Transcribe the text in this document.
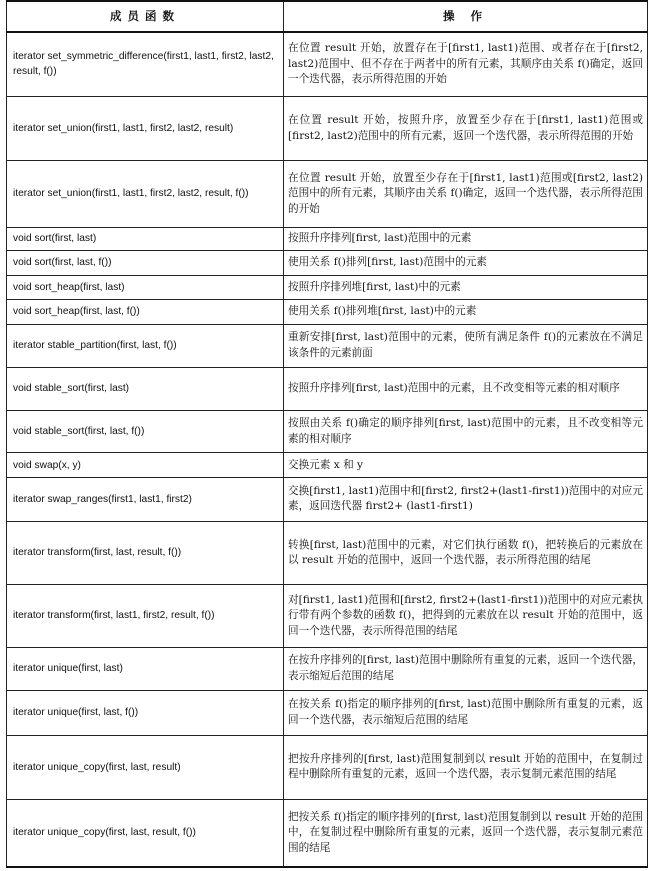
成员函数	操 作
iterator set_symmetric_difference(first1, last1, first2, last2, result, f())	在位置 result 开始，放置存在于[first1, last1)范围、或者存在于[first2, last2)范围中、但不存在于两者中的所有元素，其顺序由关系 f()确定，返回一个迭代器，表示所得范围的开始
iterator set_union(first1, last1, first2, last2, result)	在位置 result 开始，按照升序，放置至少存在于[first1, last1)范围或 [first2, last2)范围中的所有元素，返回一个迭代器，表示所得范围的开始
iterator set_union(first1, last1, first2, last2, result, f())	在位置 result 开始，放置至少存在于[first1, last1)范围或[first2, last2)范围中的所有元素，其顺序由关系 f()确定，返回一个迭代器，表示所得范围的开始
void sort(first, last)	按照升序排列[first, last)范围中的元素
void sort(first, last, f())	使用关系 f()排列[first, last)范围中的元素
void sort_heap(first, last)	按照升序排列堆[first, last)中的元素
void sort_heap(first, last, f())	使用关系 f()排列堆[first, last)中的元素
iterator stable_partition(first, last, f())	重新安排[first, last)范围中的元素，使所有满足条件 f()的元素放在不满足该条件的元素前面
void stable_sort(first, last)	按照升序排列[first, last)范围中的元素，且不改变相等元素的相对顺序
void stable_sort(first, last, f())	按照由关系 f()确定的顺序排列[first, last)范围中的元素，且不改变相等元素的相对顺序
void swap(x, y)	交换元素 x 和 y
iterator swap_ranges(first1, last1, first2)	交换[first1, last1)范围中和[first2, first2+(last1-first1))范围中的对应元素，返回迭代器 first2+ (last1-first1)
iterator transform(first, last, result, f())	转换[first, last)范围中的元素，对它们执行函数 f()，把转换后的元素放在以 result 开始的范围中，返回一个迭代器，表示所得范围的结尾
iterator transform(first, last1, first2, result, f())	对[first1, last1)范围和[first2, first2+(last1-first1))范围中的对应元素执行带有两个参数的函数 f()，把得到的元素放在以 result 开始的范围中，返回一个迭代器，表示所得范围的结尾
iterator unique(first, last)	在按升序排列的[first, last)范围中删除所有重复的元素，返回一个迭代器，表示缩短后范围的结尾
iterator unique(first, last, f())	在按关系 f()指定的顺序排列的[first, last)范围中删除所有重复的元素，返回一个迭代器，表示缩短后范围的结尾
iterator unique_copy(first, last, result)	把按升序排列的[first, last)范围复制到以 result 开始的范围中，在复制过程中删除所有重复的元素，返回一个迭代器，表示复制元素范围的结尾
iterator unique_copy(first, last, result, f())	把按关系 f()指定的顺序排列的[first, last)范围复制到以 result 开始的范围中，在复制过程中删除所有重复的元素，返回一个迭代器，表示复制元素范围的结尾
